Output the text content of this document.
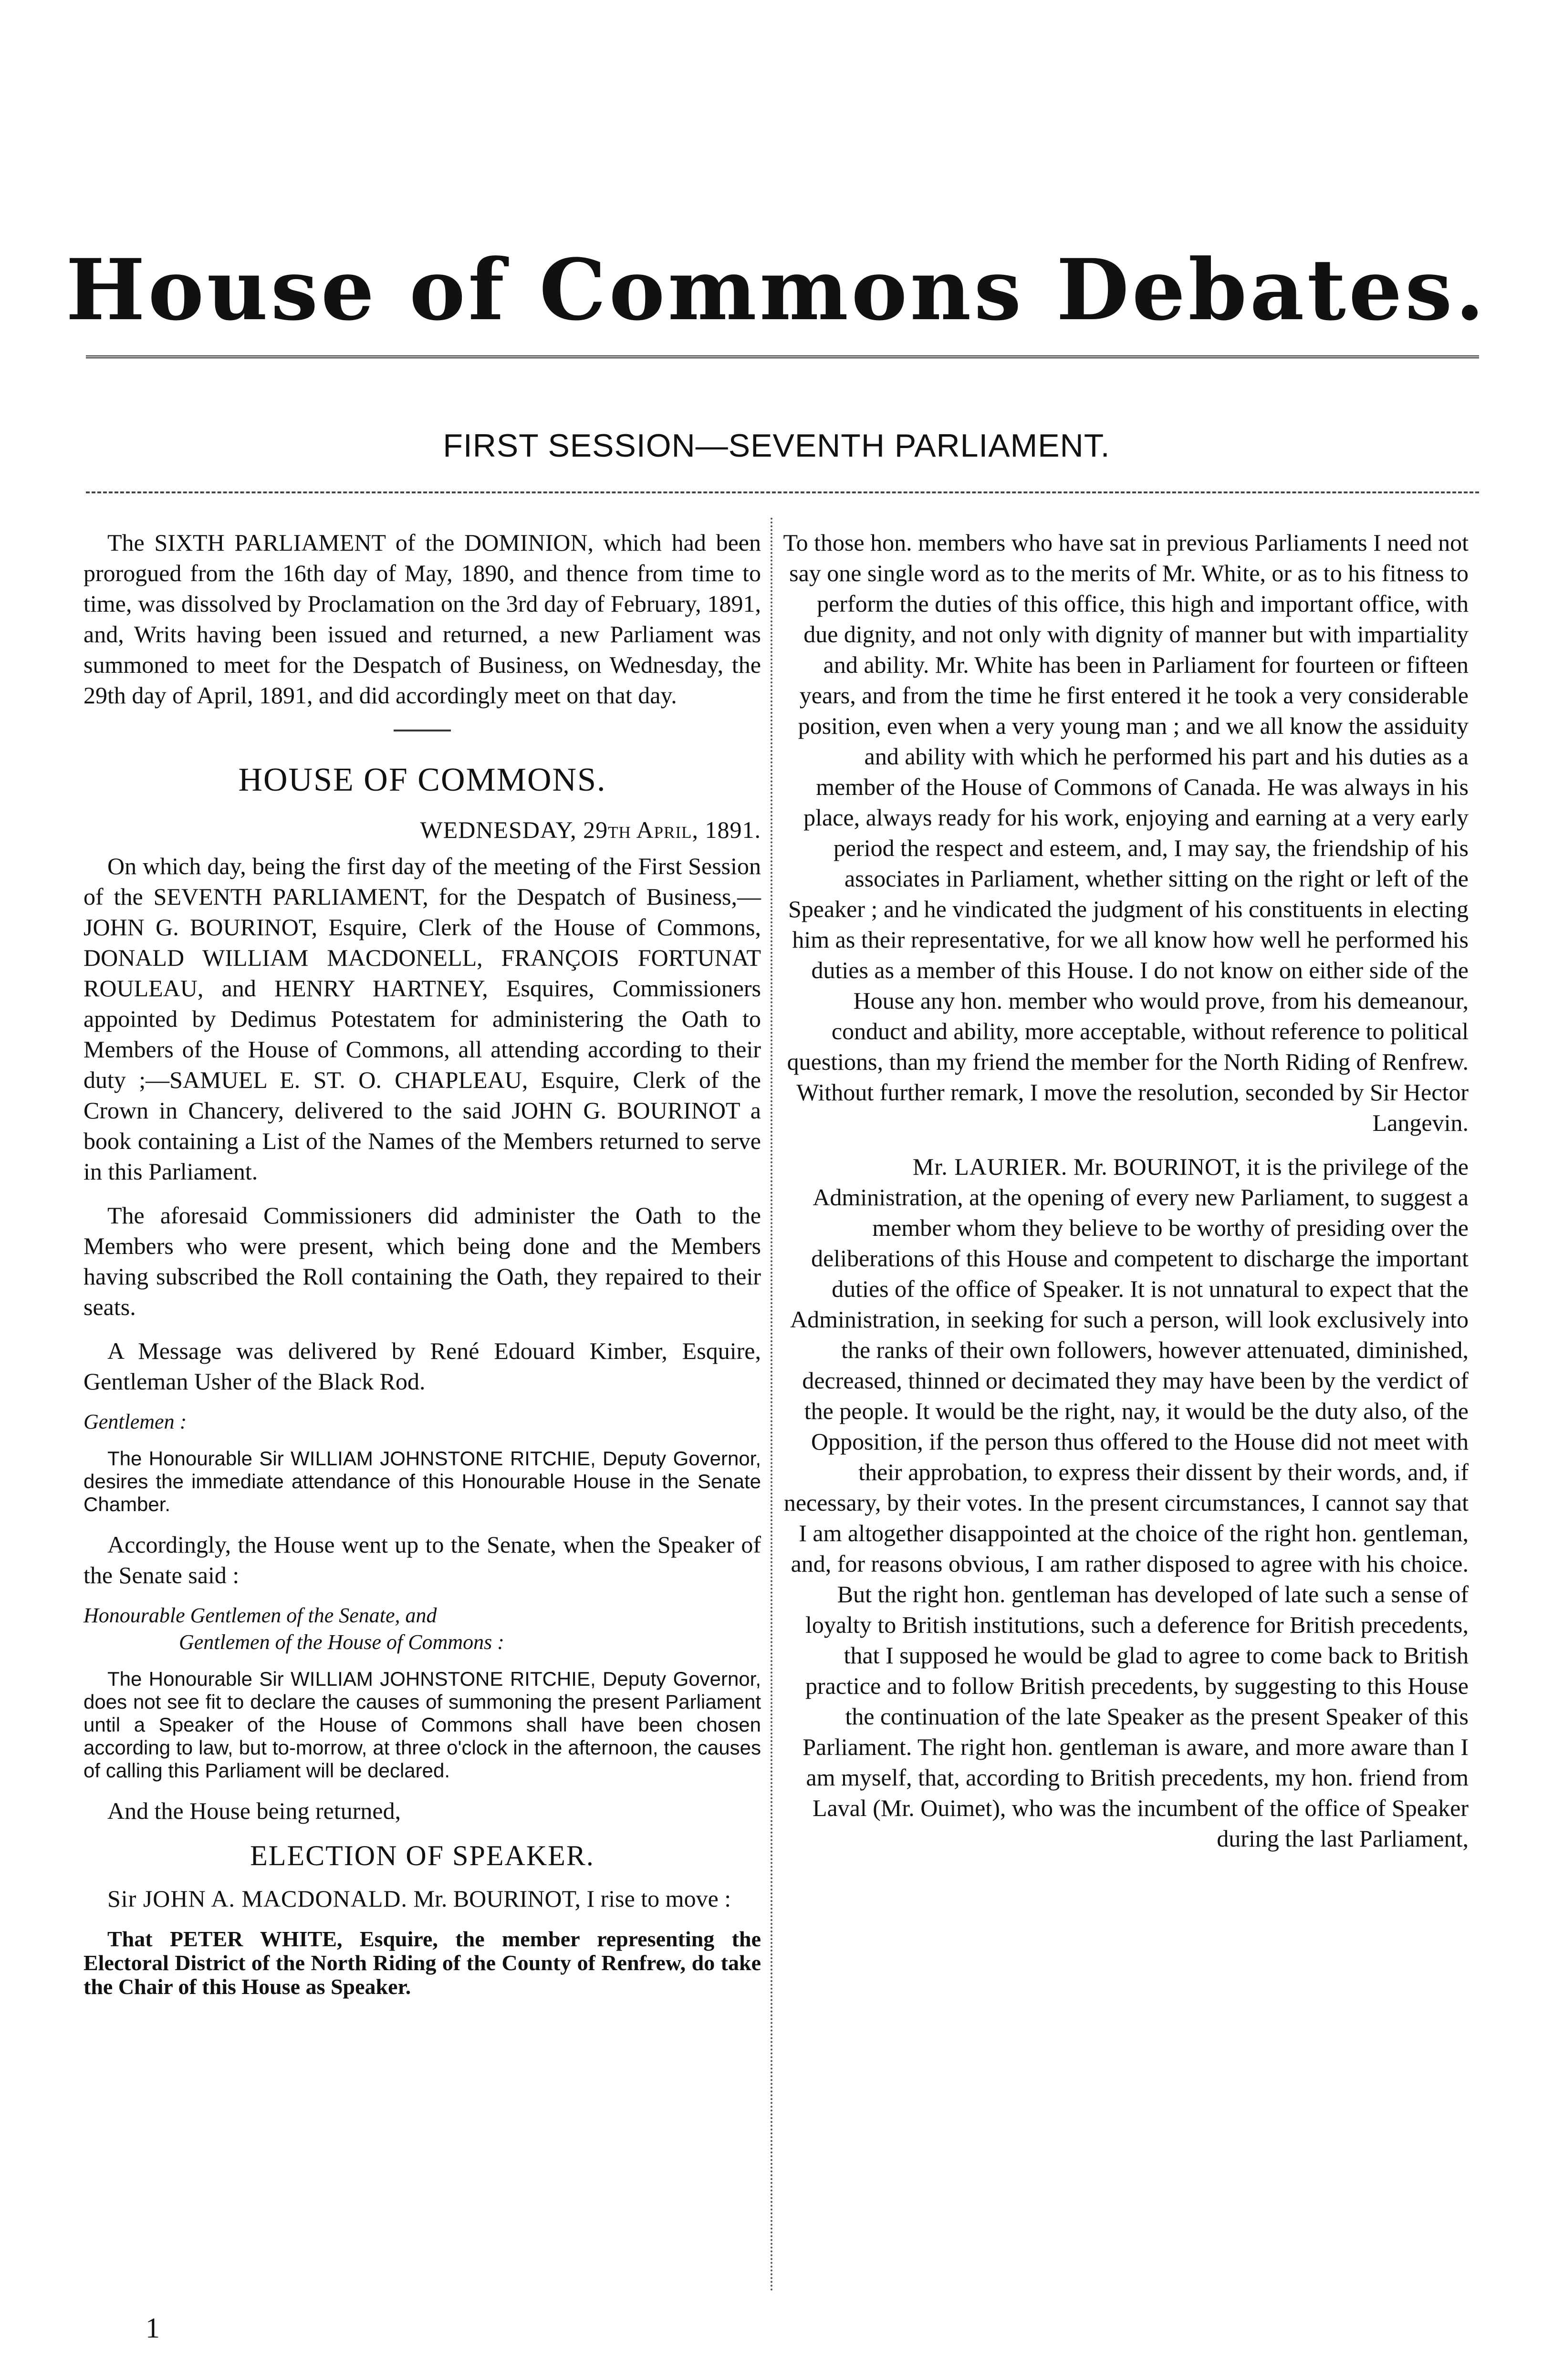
House of Commons Debates.
FIRST SESSION—SEVENTH PARLIAMENT.

The SIXTH PARLIAMENT of the DOMINION, which had been prorogued from the 16th day of May, 1890, and thence from time to time, was dissolved by Proclamation on the 3rd day of February, 1891, and, Writs having been issued and returned, a new Parliament was summoned to meet for the Despatch of Business, on Wednesday, the 29th day of April, 1891, and did accordingly meet on that day.

HOUSE OF COMMONS.
WEDNESDAY, 29th April, 1891.

On which day, being the first day of the meeting of the First Session of the SEVENTH PARLIAMENT, for the Despatch of Business,—JOHN G. BOURINOT, Esquire, Clerk of the House of Commons, DONALD WILLIAM MACDONELL, FRANÇOIS FORTUNAT ROULEAU, and HENRY HARTNEY, Esquires, Commissioners appointed by Dedimus Potestatem for administering the Oath to Members of the House of Commons, all attending according to their duty ;—SAMUEL E. ST. O. CHAPLEAU, Esquire, Clerk of the Crown in Chancery, delivered to the said JOHN G. BOURINOT a book containing a List of the Names of the Members returned to serve in this Parliament.

The aforesaid Commissioners did administer the Oath to the Members who were present, which being done and the Members having subscribed the Roll containing the Oath, they repaired to their seats.

A Message was delivered by René Edouard Kimber, Esquire, Gentleman Usher of the Black Rod.

Gentlemen :

The Honourable Sir WILLIAM JOHNSTONE RITCHIE, Deputy Governor, desires the immediate attendance of this Honourable House in the Senate Chamber.

Accordingly, the House went up to the Senate, when the Speaker of the Senate said :

Honourable Gentlemen of the Senate, and

Gentlemen of the House of Commons :

The Honourable Sir WILLIAM JOHNSTONE RITCHIE, Deputy Governor, does not see fit to declare the causes of summoning the present Parliament until a Speaker of the House of Commons shall have been chosen according to law, but to-morrow, at three o'clock in the afternoon, the causes of calling this Parliament will be declared.

And the House being returned,

ELECTION OF SPEAKER.

Sir JOHN A. MACDONALD. Mr. BOURINOT, I rise to move :

That PETER WHITE, Esquire, the member representing the Electoral District of the North Riding of the County of Renfrew, do take the Chair of this House as Speaker.

1

To those hon. members who have sat in previous Parliaments I need not say one single word as to the merits of Mr. White, or as to his fitness to perform the duties of this office, this high and important office, with due dignity, and not only with dignity of manner but with impartiality and ability. Mr. White has been in Parliament for fourteen or fifteen years, and from the time he first entered it he took a very considerable position, even when a very young man ; and we all know the assiduity and ability with which he performed his part and his duties as a member of the House of Commons of Canada. He was always in his place, always ready for his work, enjoying and earning at a very early period the respect and esteem, and, I may say, the friendship of his associates in Parliament, whether sitting on the right or left of the Speaker ; and he vindicated the judgment of his constituents in electing him as their representative, for we all know how well he performed his duties as a member of this House. I do not know on either side of the House any hon. member who would prove, from his demeanour, conduct and ability, more acceptable, without reference to political questions, than my friend the member for the North Riding of Renfrew. Without further remark, I move the resolution, seconded by Sir Hector Langevin.

Mr. LAURIER. Mr. BOURINOT, it is the privilege of the Administration, at the opening of every new Parliament, to suggest a member whom they believe to be worthy of presiding over the deliberations of this House and competent to discharge the important duties of the office of Speaker. It is not unnatural to expect that the Administration, in seeking for such a person, will look exclusively into the ranks of their own followers, however attenuated, diminished, decreased, thinned or decimated they may have been by the verdict of the people. It would be the right, nay, it would be the duty also, of the Opposition, if the person thus offered to the House did not meet with their approbation, to express their dissent by their words, and, if necessary, by their votes. In the present circumstances, I cannot say that I am altogether disappointed at the choice of the right hon. gentleman, and, for reasons obvious, I am rather disposed to agree with his choice. But the right hon. gentleman has developed of late such a sense of loyalty to British institutions, such a deference for British precedents, that I supposed he would be glad to agree to come back to British practice and to follow British precedents, by suggesting to this House the continuation of the late Speaker as the present Speaker of this Parliament. The right hon. gentleman is aware, and more aware than I am myself, that, according to British precedents, my hon. friend from Laval (Mr. Ouimet), who was the incumbent of the office of Speaker during the last Parliament,
